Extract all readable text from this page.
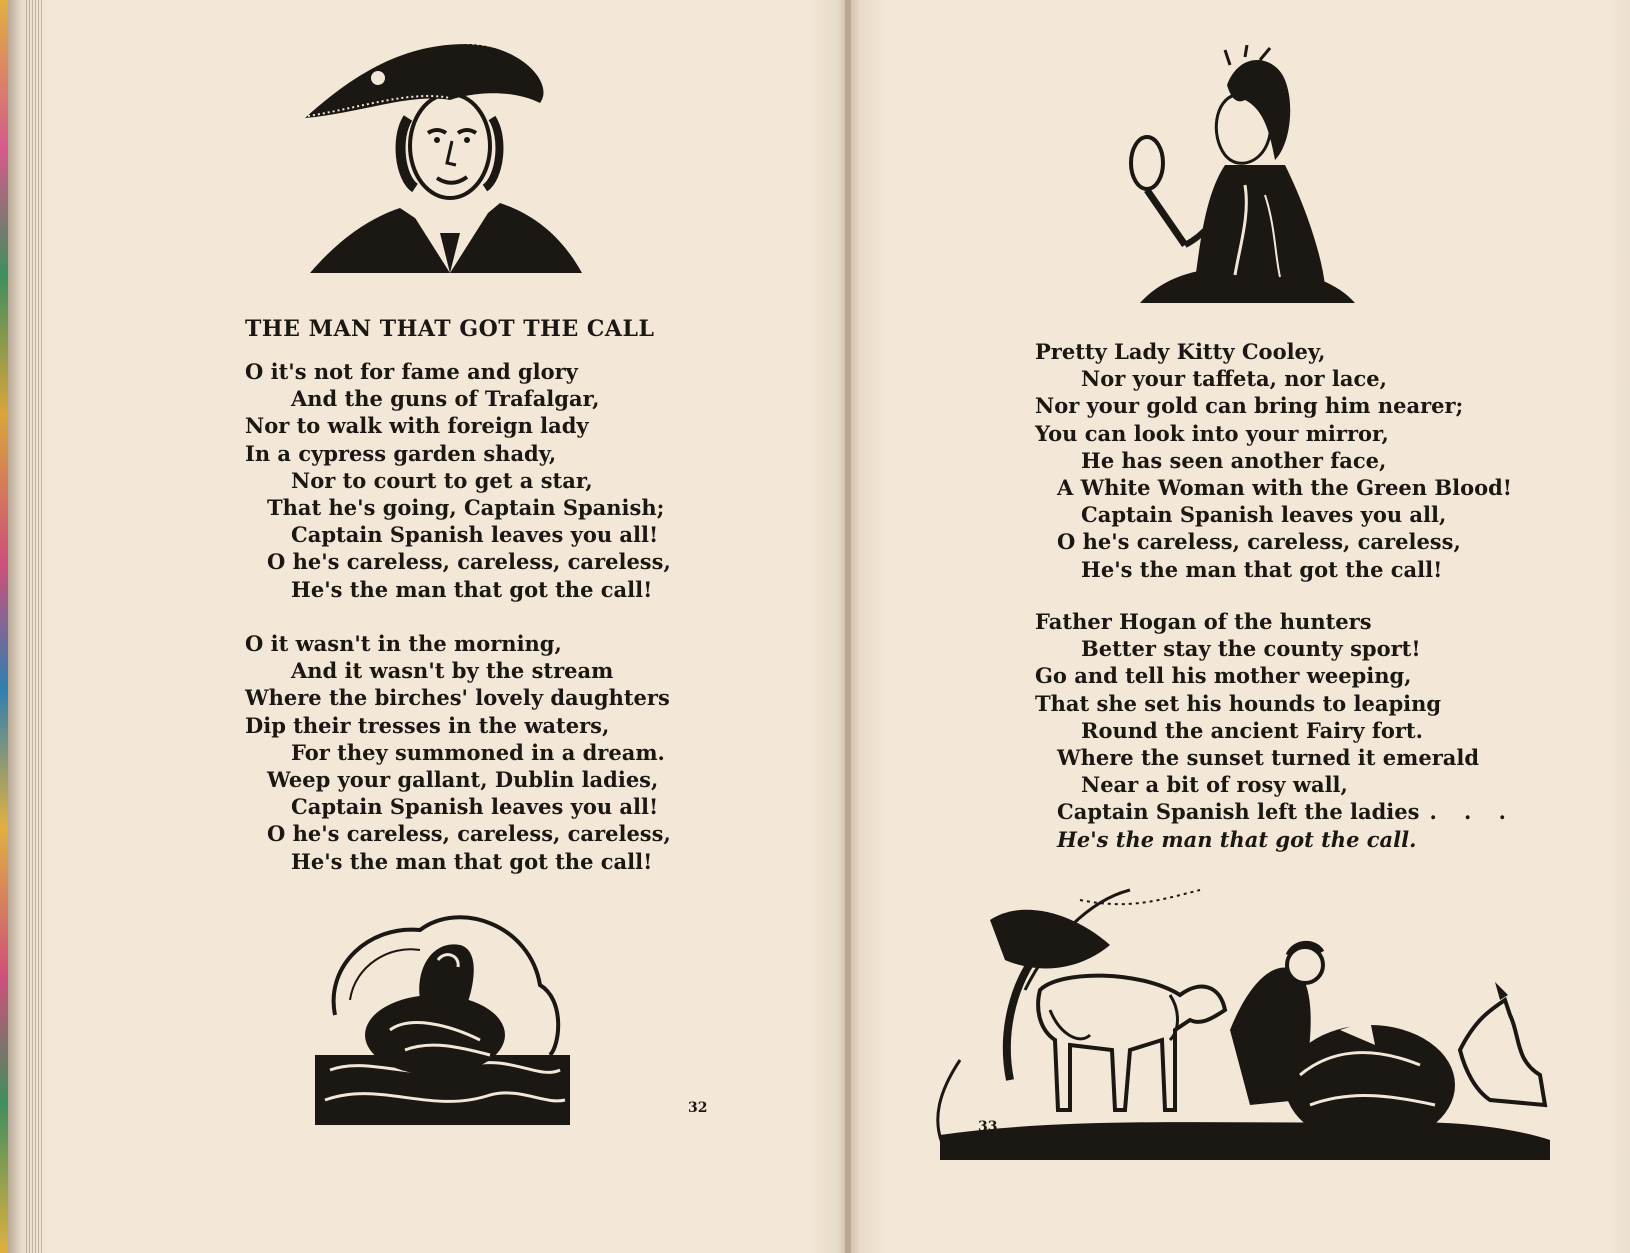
THE MAN THAT GOT THE CALL
O it's not for fame and glory
And the guns of Trafalgar,
Nor to walk with foreign lady
In a cypress garden shady,
Nor to court to get a star,
That he's going, Captain Spanish;
Captain Spanish leaves you all!
O he's careless, careless, careless,
He's the man that got the call!
O it wasn't in the morning,
And it wasn't by the stream
Where the birches' lovely daughters
Dip their tresses in the waters,
For they summoned in a dream.
Weep your gallant, Dublin ladies,
Captain Spanish leaves you all!
O he's careless, careless, careless,
He's the man that got the call!
32
Pretty Lady Kitty Cooley,
Nor your taffeta, nor lace,
Nor your gold can bring him nearer;
You can look into your mirror,
He has seen another face,
A White Woman with the Green Blood!
Captain Spanish leaves you all,
O he's careless, careless, careless,
He's the man that got the call!
Father Hogan of the hunters
Better stay the county sport!
Go and tell his mother weeping,
That she set his hounds to leaping
Round the ancient Fairy fort.
Where the sunset turned it emerald
Near a bit of rosy wall,
Captain Spanish left the ladies . . .
He's the man that got the call.
33
